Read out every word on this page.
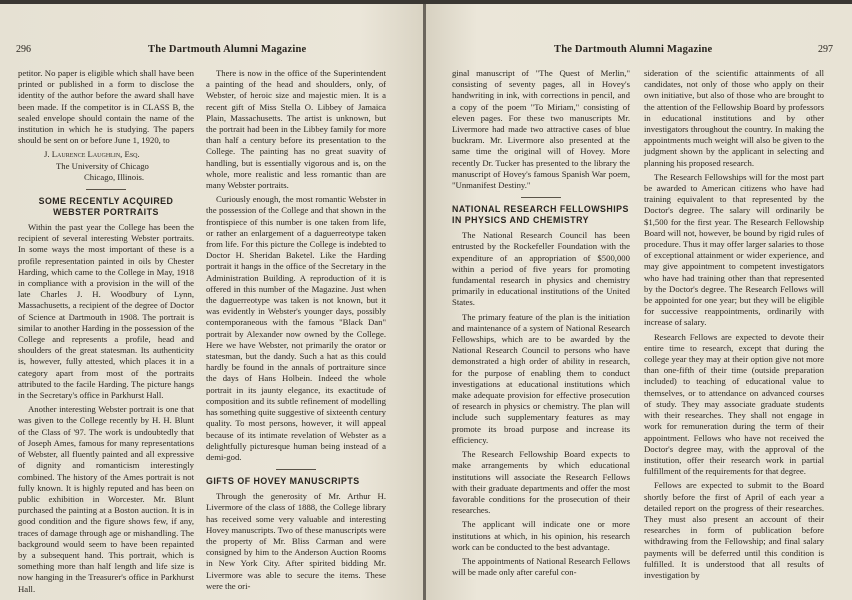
296	The Dartmouth Alumni Magazine

petitor. No paper is eligible which shall have been printed or published in a form to disclose the identity of the author before the award shall have been made. If the competitor is in CLASS B, the sealed envelope should contain the name of the institution in which he is studying. The papers should be sent on or before June 1, 1920, to

J. Laurence Laughlin, Esq.
The University of Chicago
Chicago, Illinois.
SOME RECENTLY ACQUIRED WEBSTER PORTRAITS

Within the past year the College has been the recipient of several interesting Webster portraits. In some ways the most important of these is a profile representation painted in oils by Chester Harding, which came to the College in May, 1918 in compliance with a provision in the will of the late Charles J. H. Woodbury of Lynn, Massachusetts, a recipient of the degree of Doctor of Science at Dartmouth in 1908. The portrait is similar to another Harding in the possession of the College and represents a profile, head and shoulders of the great statesman. Its authenticity is, however, fully attested, which places it in a category apart from most of the portraits attributed to the facile Harding. The picture hangs in the Secretary's office in Parkhurst Hall.

Another interesting Webster portrait is one that was given to the College recently by H. H. Blunt of the Class of '97. The work is undoubtedly that of Joseph Ames, famous for many representations of Webster, all fluently painted and all expressive of dignity and romanticism interestingly combined. The history of the Ames portrait is not fully known. It is highly reputed and has been on public exhibition in Worcester. Mr. Blunt purchased the painting at a Boston auction. It is in good condition and the figure shows few, if any, traces of damage through age or mishandling. The background would seem to have been repainted by a subsequent hand. This portrait, which is something more than half length and life size is now hanging in the Treasurer's office in Parkhurst Hall.

There is now in the office of the Superintendent a painting of the head and shoulders, only, of Webster, of heroic size and majestic mien. It is a recent gift of Miss Stella O. Libbey of Jamaica Plain, Massachusetts. The artist is unknown, but the portrait had been in the Libbey family for more than half a century before its presentation to the College. The painting has no great suavity of handling, but is essentially vigorous and is, on the whole, more realistic and less romantic than are many Webster portraits.

Curiously enough, the most romantic Webster in the possession of the College and that shown in the frontispiece of this number is one taken from life, or rather an enlargement of a daguerreotype taken from life. For this picture the College is indebted to Doctor H. Sheridan Baketel. Like the Harding portrait it hangs in the office of the Secretary in the Administration Building. A reproduction of it is offered in this number of the Magazine. Just when the daguerreotype was taken is not known, but it was evidently in Webster's younger days, possibly contemporaneous with the famous "Black Dan" portrait by Alexander now owned by the College. Here we have Webster, not primarily the orator or statesman, but the dandy. Such a hat as this could hardly be found in the annals of portraiture since the days of Hans Holbein. Indeed the whole portrait in its jaunty elegance, its exactitude of composition and its subtle refinement of modelling has something quite suggestive of sixteenth century quality. To most persons, however, it will appeal because of its intimate revelation of Webster as a delightfully picturesque human being instead of a demi-god.

GIFTS OF HOVEY MANUSCRIPTS

Through the generosity of Mr. Arthur H. Livermore of the class of 1888, the College library has received some very valuable and interesting Hovey manuscripts. Two of these manuscripts were the property of Mr. Bliss Carman and were consigned by him to the Anderson Auction Rooms in New York City. After spirited bidding Mr. Livermore was able to secure the items. These were the ori-

The Dartmouth Alumni Magazine	297

ginal manuscript of "The Quest of Merlin," consisting of seventy pages, all in Hovey's handwriting in ink, with corrections in pencil, and a copy of the poem "To Miriam," consisting of eleven pages. For these two manuscripts Mr. Livermore had made two attractive cases of blue buckram. Mr. Livermore also presented at the same time the original will of Hovey. More recently Dr. Tucker has presented to the library the manuscript of Hovey's famous Spanish War poem, "Unmanifest Destiny."

NATIONAL RESEARCH FELLOWSHIPS IN PHYSICS AND CHEMISTRY

The National Research Council has been entrusted by the Rockefeller Foundation with the expenditure of an appropriation of $500,000 within a period of five years for promoting fundamental research in physics and chemistry primarily in educational institutions of the United States.

The primary feature of the plan is the initiation and maintenance of a system of National Research Fellowships, which are to be awarded by the National Research Council to persons who have demonstrated a high order of ability in research, for the purpose of enabling them to conduct investigations at educational institutions which make adequate provision for effective prosecution of research in physics or chemistry. The plan will include such supplementary features as may promote its broad purpose and increase its efficiency.

The Research Fellowship Board expects to make arrangements by which educational institutions will associate the Research Fellows with their graduate departments and offer the most favorable conditions for the prosecution of their researches.

The applicant will indicate one or more institutions at which, in his opinion, his research work can be conducted to the best advantage.

The appointments of National Research Fellows will be made only after careful con-

sideration of the scientific attainments of all candidates, not only of those who apply on their own initiative, but also of those who are brought to the attention of the Fellowship Board by professors in educational institutions and by other investigators throughout the country. In making the appointments much weight will also be given to the judgment shown by the applicant in selecting and planning his proposed research.

The Research Fellowships will for the most part be awarded to American citizens who have had training equivalent to that represented by the Doctor's degree. The salary will ordinarily be $1,500 for the first year. The Research Fellowship Board will not, however, be bound by rigid rules of procedure. Thus it may offer larger salaries to those of exceptional attainment or wider experience, and may give appointment to competent investigators who have had training other than that represented by the Doctor's degree. The Research Fellows will be appointed for one year; but they will be eligible for successive reappointments, ordinarily with increase of salary.

Research Fellows are expected to devote their entire time to research, except that during the college year they may at their option give not more than one-fifth of their time (outside preparation included) to teaching of educational value to themselves, or to attendance on advanced courses of study. They may associate graduate students with their researches. They shall not engage in work for remuneration during the term of their appointment. Fellows who have not received the Doctor's degree may, with the approval of the institution, offer their research work in partial fulfillment of the requirements for that degree.

Fellows are expected to submit to the Board shortly before the first of April of each year a detailed report on the progress of their researches. They must also present an account of their researches in form of publication before withdrawing from the Fellowship; and final salary payments will be deferred until this condition is fulfilled. It is understood that all results of investigation by
